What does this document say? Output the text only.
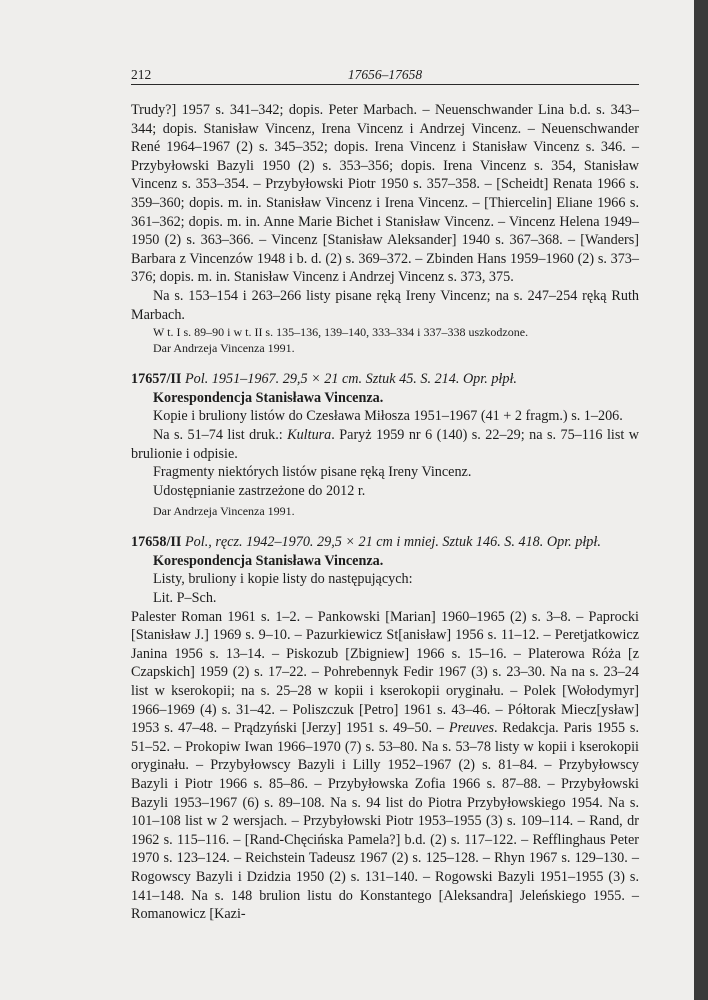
212	17656–17658

Trudy?] 1957 s. 341–342; dopis. Peter Marbach. – Neuenschwander Lina b.d. s. 343–344; dopis. Stanisław Vincenz, Irena Vincenz i Andrzej Vincenz. – Neuenschwander René 1964–1967 (2) s. 345–352; dopis. Irena Vincenz i Stanisław Vincenz s. 346. – Przybyłowski Bazyli 1950 (2) s. 353–356; dopis. Irena Vincenz s. 354, Stanisław Vincenz s. 353–354. – Przybyłowski Piotr 1950 s. 357–358. – [Scheidt] Renata 1966 s. 359–360; dopis. m. in. Stanisław Vincenz i Irena Vincenz. – [Thiercelin] Eliane 1966 s. 361–362; dopis. m. in. Anne Marie Bichet i Stanisław Vincenz. – Vincenz Helena 1949–1950 (2) s. 363–366. – Vincenz [Stanisław Aleksander] 1940 s. 367–368. – [Wanders] Barbara z Vincenzów 1948 i b. d. (2) s. 369–372. – Zbinden Hans 1959–1960 (2) s. 373–376; dopis. m. in. Stanisław Vincenz i Andrzej Vincenz s. 373, 375.

Na s. 153–154 i 263–266 listy pisane ręką Ireny Vincenz; na s. 247–254 ręką Ruth Marbach.

W t. I s. 89–90 i w t. II s. 135–136, 139–140, 333–334 i 337–338 uszkodzone.

Dar Andrzeja Vincenza 1991.

17657/II Pol. 1951–1967. 29,5 × 21 cm. Sztuk 45. S. 214. Opr. płpł.

Korespondencja Stanisława Vincenza.

Kopie i bruliony listów do Czesława Miłosza 1951–1967 (41 + 2 fragm.) s. 1–206.

Na s. 51–74 list druk.: Kultura. Paryż 1959 nr 6 (140) s. 22–29; na s. 75–116 list w brulionie i odpisie.

Fragmenty niektórych listów pisane ręką Ireny Vincenz.

Udostępnianie zastrzeżone do 2012 r.

Dar Andrzeja Vincenza 1991.

17658/II Pol., ręcz. 1942–1970. 29,5 × 21 cm i mniej. Sztuk 146. S. 418. Opr. płpł.

Korespondencja Stanisława Vincenza.

Listy, bruliony i kopie listy do następujących:

Lit. P–Sch.

Palester Roman 1961 s. 1–2. – Pankowski [Marian] 1960–1965 (2) s. 3–8. – Paprocki [Stanisław J.] 1969 s. 9–10. – Pazurkiewicz St[anisław] 1956 s. 11–12. – Peretjatkowicz Janina 1956 s. 13–14. – Piskozub [Zbigniew] 1966 s. 15–16. – Platerowa Róża [z Czapskich] 1959 (2) s. 17–22. – Pohrebennyk Fedir 1967 (3) s. 23–30. Na na s. 23–24 list w kserokopii; na s. 25–28 w kopii i kserokopii oryginału. – Polek [Wołodymyr] 1966–1969 (4) s. 31–42. – Poliszczuk [Petro] 1961 s. 43–46. – Półtorak Miecz[ysław] 1953 s. 47–48. – Prądzyński [Jerzy] 1951 s. 49–50. – Preuves. Redakcja. Paris 1955 s. 51–52. – Prokopiw Iwan 1966–1970 (7) s. 53–80. Na s. 53–78 listy w kopii i kserokopii oryginału. – Przybyłowscy Bazyli i Lilly 1952–1967 (2) s. 81–84. – Przybyłowscy Bazyli i Piotr 1966 s. 85–86. – Przybyłowska Zofia 1966 s. 87–88. – Przybyłowski Bazyli 1953–1967 (6) s. 89–108. Na s. 94 list do Piotra Przybyłowskiego 1954. Na s. 101–108 list w 2 wersjach. – Przybyłowski Piotr 1953–1955 (3) s. 109–114. – Rand, dr 1962 s. 115–116. – [Rand-Chęcińska Pamela?] b.d. (2) s. 117–122. – Refflinghaus Peter 1970 s. 123–124. – Reichstein Tadeusz 1967 (2) s. 125–128. – Rhyn 1967 s. 129–130. – Rogowscy Bazyli i Dzidzia 1950 (2) s. 131–140. – Rogowski Bazyli 1951–1955 (3) s. 141–148. Na s. 148 brulion listu do Konstantego [Aleksandra] Jeleńskiego 1955. – Romanowicz [Kazi-
